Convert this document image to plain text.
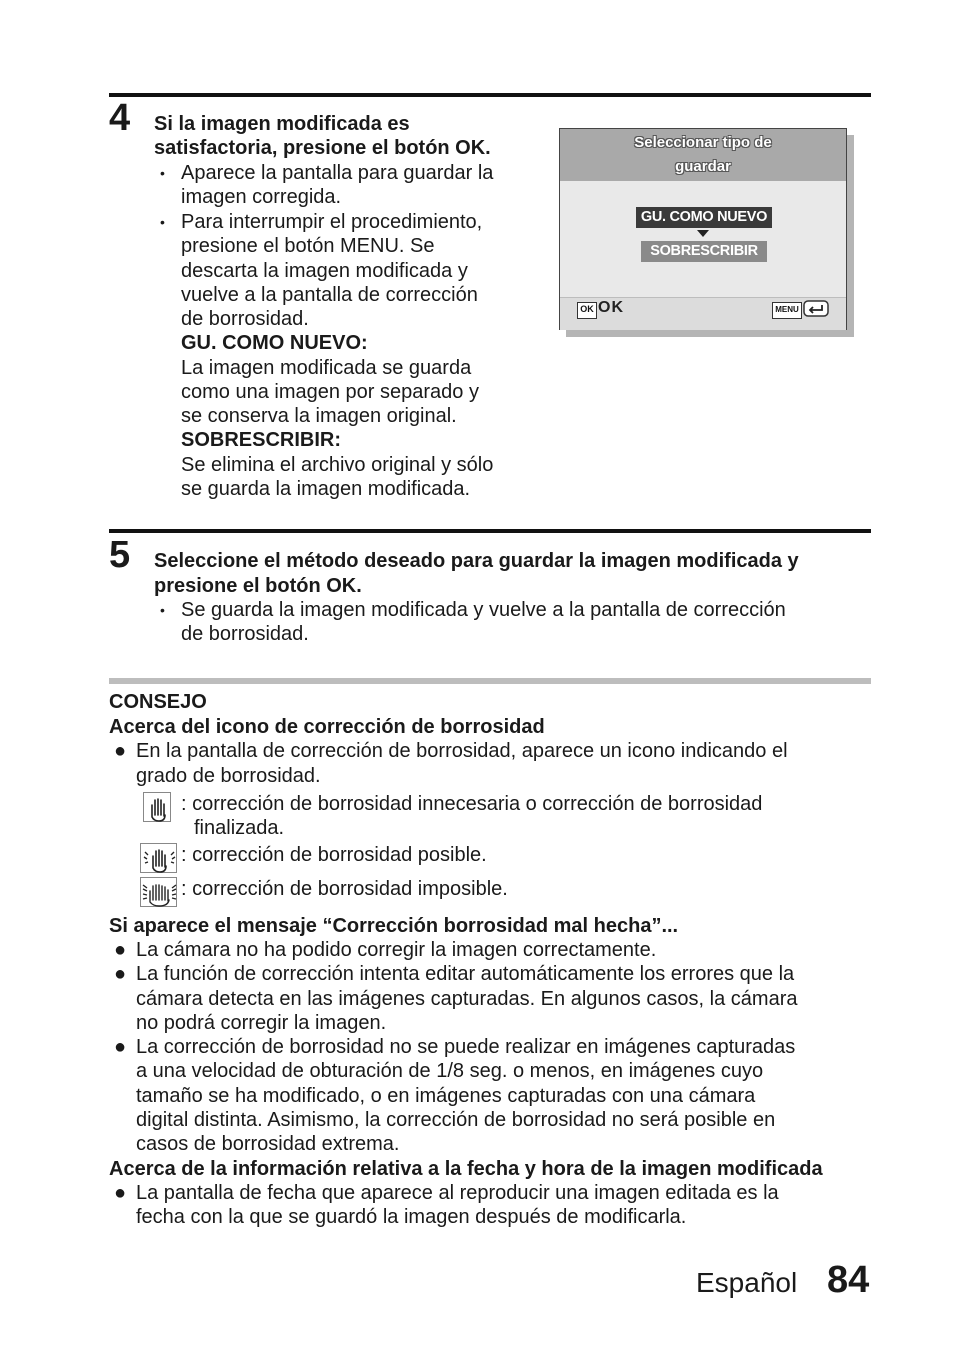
4 Si la imagen modificada es
satisfactoria, presione el botón OK.
• Aparece la pantalla para guardar la
imagen corregida.
• Para interrumpir el procedimiento,
presione el botón MENU. Se
descarta la imagen modificada y
vuelve a la pantalla de corrección
de borrosidad.
GU. COMO NUEVO:
La imagen modificada se guarda
como una imagen por separado y
se conserva la imagen original.
SOBRESCRIBIR:
Se elimina el archivo original y sólo
se guarda la imagen modificada.
Seleccionar tipo de
guardar
GU. COMO NUEVO
SOBRESCRIBIR
OK OK	MENU
5 Seleccione el método deseado para guardar la imagen modificada y
presione el botón OK.
• Se guarda la imagen modificada y vuelve a la pantalla de corrección
de borrosidad.
CONSEJO
Acerca del icono de corrección de borrosidad
● En la pantalla de corrección de borrosidad, aparece un icono indicando el
grado de borrosidad.
: corrección de borrosidad innecesaria o corrección de borrosidad
finalizada.
: corrección de borrosidad posible.
: corrección de borrosidad imposible.
Si aparece el mensaje “Corrección borrosidad mal hecha”...
● La cámara no ha podido corregir la imagen correctamente.
● La función de corrección intenta editar automáticamente los errores que la
cámara detecta en las imágenes capturadas. En algunos casos, la cámara
no podrá corregir la imagen.
● La corrección de borrosidad no se puede realizar en imágenes capturadas
a una velocidad de obturación de 1/8 seg. o menos, en imágenes cuyo
tamaño se ha modificado, o en imágenes capturadas con una cámara
digital distinta. Asimismo, la corrección de borrosidad no será posible en
casos de borrosidad extrema.
Acerca de la información relativa a la fecha y hora de la imagen modificada
● La pantalla de fecha que aparece al reproducir una imagen editada es la
fecha con la que se guardó la imagen después de modificarla.
Español 84
